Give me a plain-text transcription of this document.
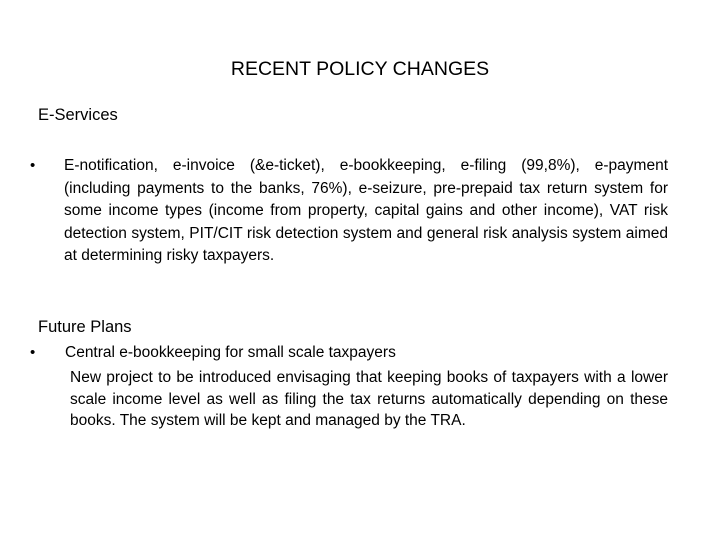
RECENT POLICY CHANGES
E-Services
• E-notification, e-invoice (&e-ticket), e-bookkeeping, e-filing (99,8%), e-payment (including payments to the banks, 76%), e-seizure, pre-prepaid tax return system for some income types (income from property, capital gains and other income), VAT risk detection system, PIT/CIT risk detection system and general risk analysis system aimed at determining risky taxpayers.
Future Plans
• Central e-bookkeeping for small scale taxpayers
New project to be introduced envisaging that keeping books of taxpayers with a lower scale income level as well as filing the tax returns automatically depending on these books. The system will be kept and managed by the TRA.
